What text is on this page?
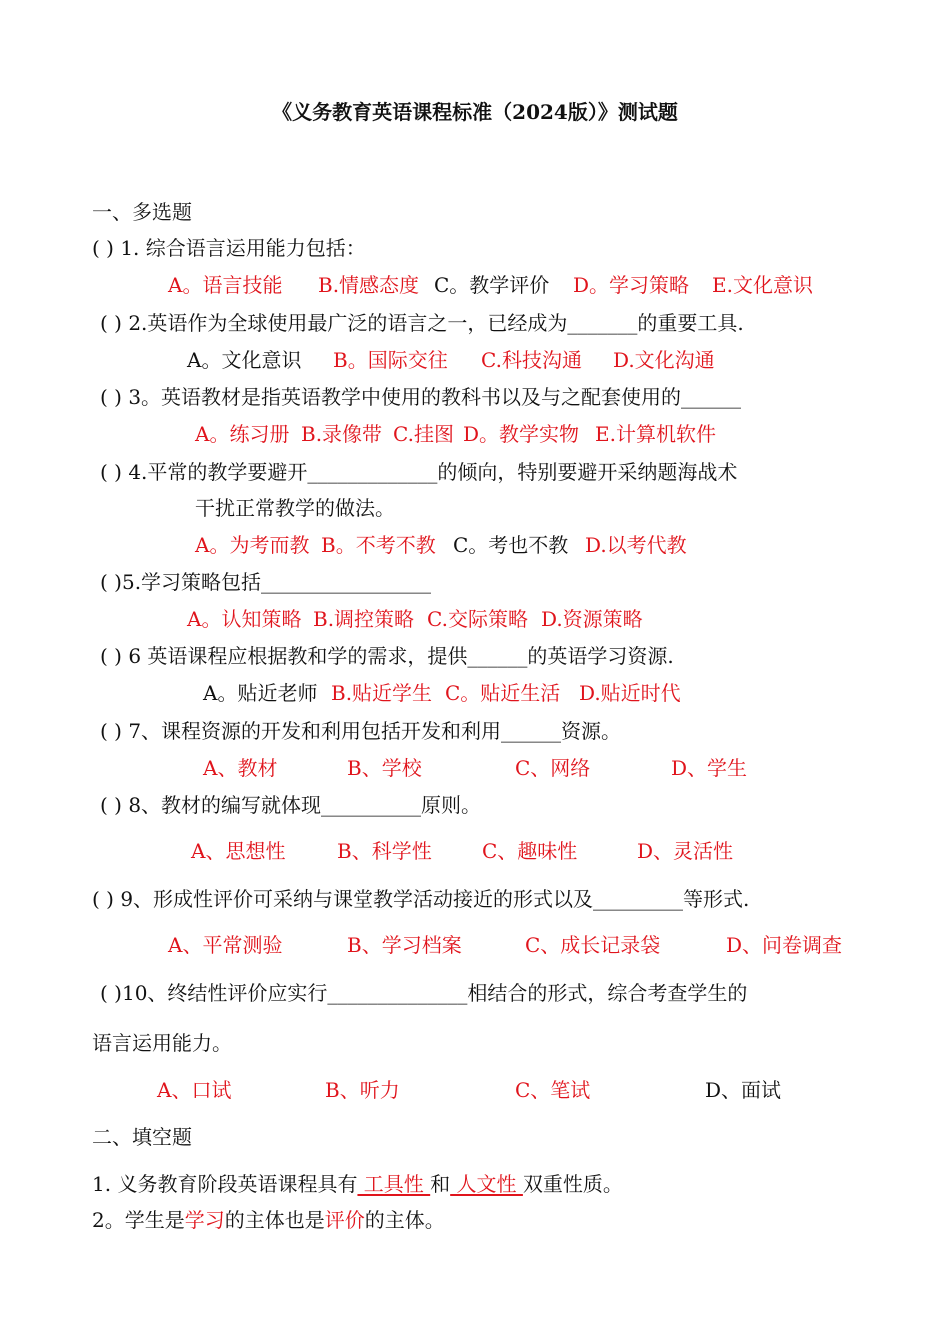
《义务教育英语课程标准（2024版）》测试题
一、多选题
( ) 1. 综合语言运用能力包括：
A。语言技能 B.情感态度 C。教学评价 D。学习策略 E.文化意识
( ) 2.英语作为全球使用最广泛的语言之一，已经成为_______的重要工具.
A。文化意识 B。国际交往 C.科技沟通 D.文化沟通
( ) 3。英语教材是指英语教学中使用的教科书以及与之配套使用的______
A。练习册 B.录像带 C.挂图 D。教学实物 E.计算机软件
( ) 4.平常的教学要避开_____________的倾向，特别要避开采纳题海战术
干扰正常教学的做法。
A。为考而教 B。不考不教 C。考也不教 D.以考代教
( )5.学习策略包括_________________
A。认知策略 B.调控策略 C.交际策略 D.资源策略
( ) 6 英语课程应根据教和学的需求，提供______的英语学习资源.
A。贴近老师 B.贴近学生 C。贴近生活 D.贴近时代
( ) 7、课程资源的开发和利用包括开发和利用______资源。
A、教材	B、学校	C、网络	D、学生
( ) 8、教材的编写就体现__________原则。
A、思想性	B、科学性	C、趣味性	D、灵活性
( ) 9、形成性评价可采纳与课堂教学活动接近的形式以及_________等形式.
A、平常测验	B、学习档案	C、成长记录袋	D、问卷调查
( )10、终结性评价应实行______________相结合的形式，综合考查学生的
语言运用能力。
A、口试	B、听力	C、笔试	D、面试
二、填空题
1. 义务教育阶段英语课程具有 工具性 和 人文性 双重性质。
2。学生是学习的主体也是评价的主体。
